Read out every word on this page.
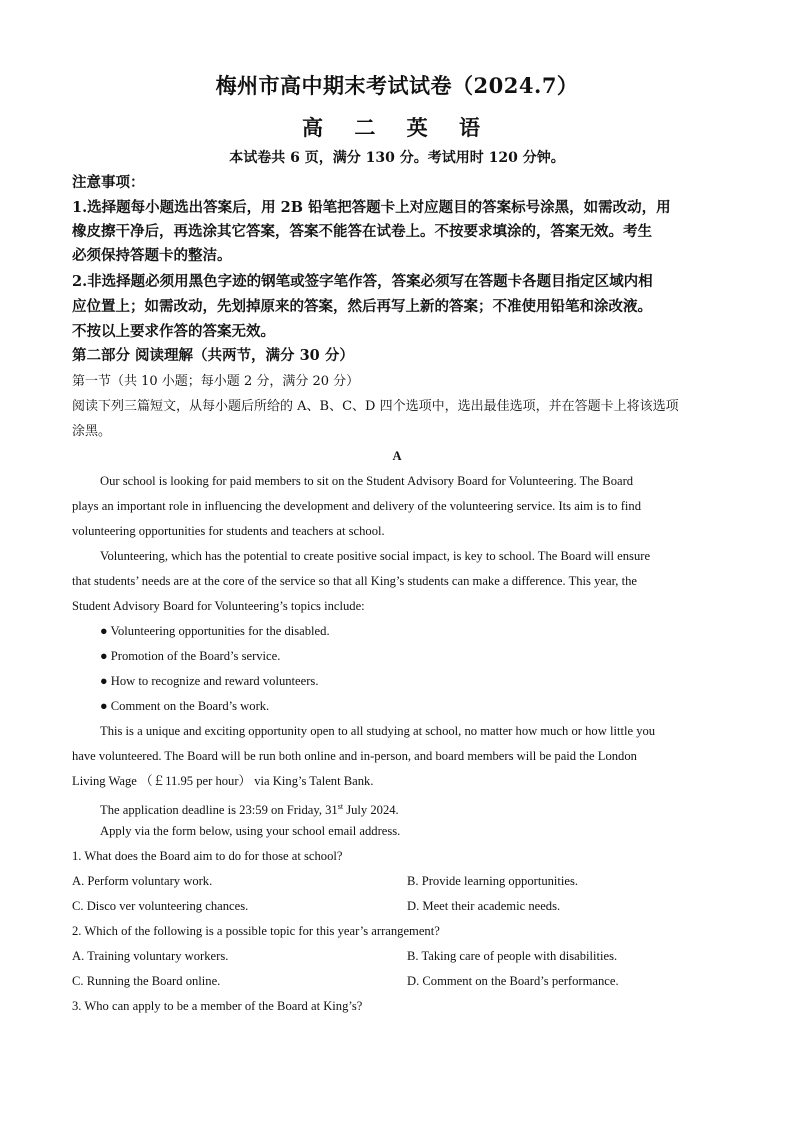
梅州市高中期末考试试卷（2024.7）
高 二 英 语
本试卷共 6 页，满分 130 分。考试用时 120 分钟。
注意事项：
1.选择题每小题选出答案后，用 2B 铅笔把答题卡上对应题目的答案标号涂黑，如需改动，用
橡皮擦干净后，再选涂其它答案，答案不能答在试卷上。不按要求填涂的，答案无效。考生
必须保持答题卡的整洁。
2.非选择题必须用黑色字迹的钢笔或签字笔作答，答案必须写在答题卡各题目指定区域内相
应位置上；如需改动，先划掉原来的答案，然后再写上新的答案；不准使用铅笔和涂改液。
不按以上要求作答的答案无效。
第二部分 阅读理解（共两节，满分 30 分）
第一节（共 10 小题；每小题 2 分，满分 20 分）
阅读下列三篇短文，从每小题后所给的 A、B、C、D 四个选项中，选出最佳选项，并在答题卡上将该选项
涂黑。
A
Our school is looking for paid members to sit on the Student Advisory Board for Volunteering. The Board
plays an important role in influencing the development and delivery of the volunteering service. Its aim is to find
volunteering opportunities for students and teachers at school.
Volunteering, which has the potential to create positive social impact, is key to school. The Board will ensure
that students’ needs are at the core of the service so that all King’s students can make a difference. This year, the
Student Advisory Board for Volunteering’s topics include:
● Volunteering opportunities for the disabled.
● Promotion of the Board’s service.
● How to recognize and reward volunteers.
● Comment on the Board’s work.
This is a unique and exciting opportunity open to all studying at school, no matter how much or how little you
have volunteered. The Board will be run both online and in-person, and board members will be paid the London
Living Wage （￡11.95 per hour） via King’s Talent Bank.
The application deadline is 23:59 on Friday, 31st July 2024.
Apply via the form below, using your school email address.
1. What does the Board aim to do for those at school?
A. Perform voluntary work.	B. Provide learning opportunities.
C. Disco ver volunteering chances.	D. Meet their academic needs.
2. Which of the following is a possible topic for this year’s arrangement?
A. Training voluntary workers.	B. Taking care of people with disabilities.
C. Running the Board online.	D. Comment on the Board’s performance.
3. Who can apply to be a member of the Board at King’s?
